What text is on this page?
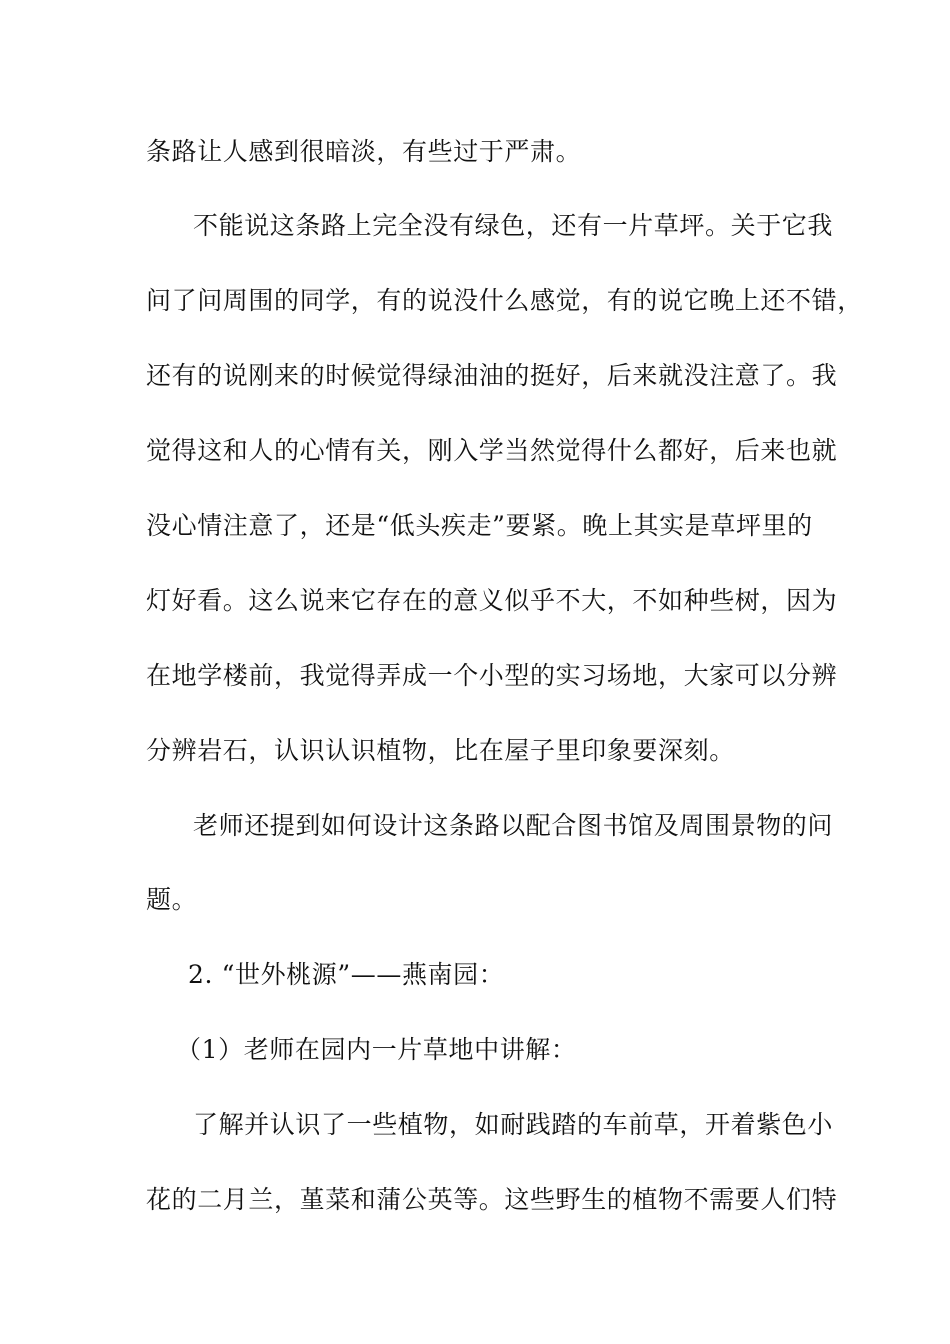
条路让人感到很暗淡，有些过于严肃。
不能说这条路上完全没有绿色，还有一片草坪。关于它我
问了问周围的同学，有的说没什么感觉，有的说它晚上还不错，
还有的说刚来的时候觉得绿油油的挺好，后来就没注意了。我
觉得这和人的心情有关，刚入学当然觉得什么都好，后来也就
没心情注意了，还是“低头疾走”要紧。晚上其实是草坪里的
灯好看。这么说来它存在的意义似乎不大，不如种些树，因为
在地学楼前，我觉得弄成一个小型的实习场地，大家可以分辨
分辨岩石，认识认识植物，比在屋子里印象要深刻。
老师还提到如何设计这条路以配合图书馆及周围景物的问
题。
2. “世外桃源”——燕南园：
（1）老师在园内一片草地中讲解：
了解并认识了一些植物，如耐践踏的车前草，开着紫色小
花的二月兰，堇菜和蒲公英等。这些野生的植物不需要人们特
